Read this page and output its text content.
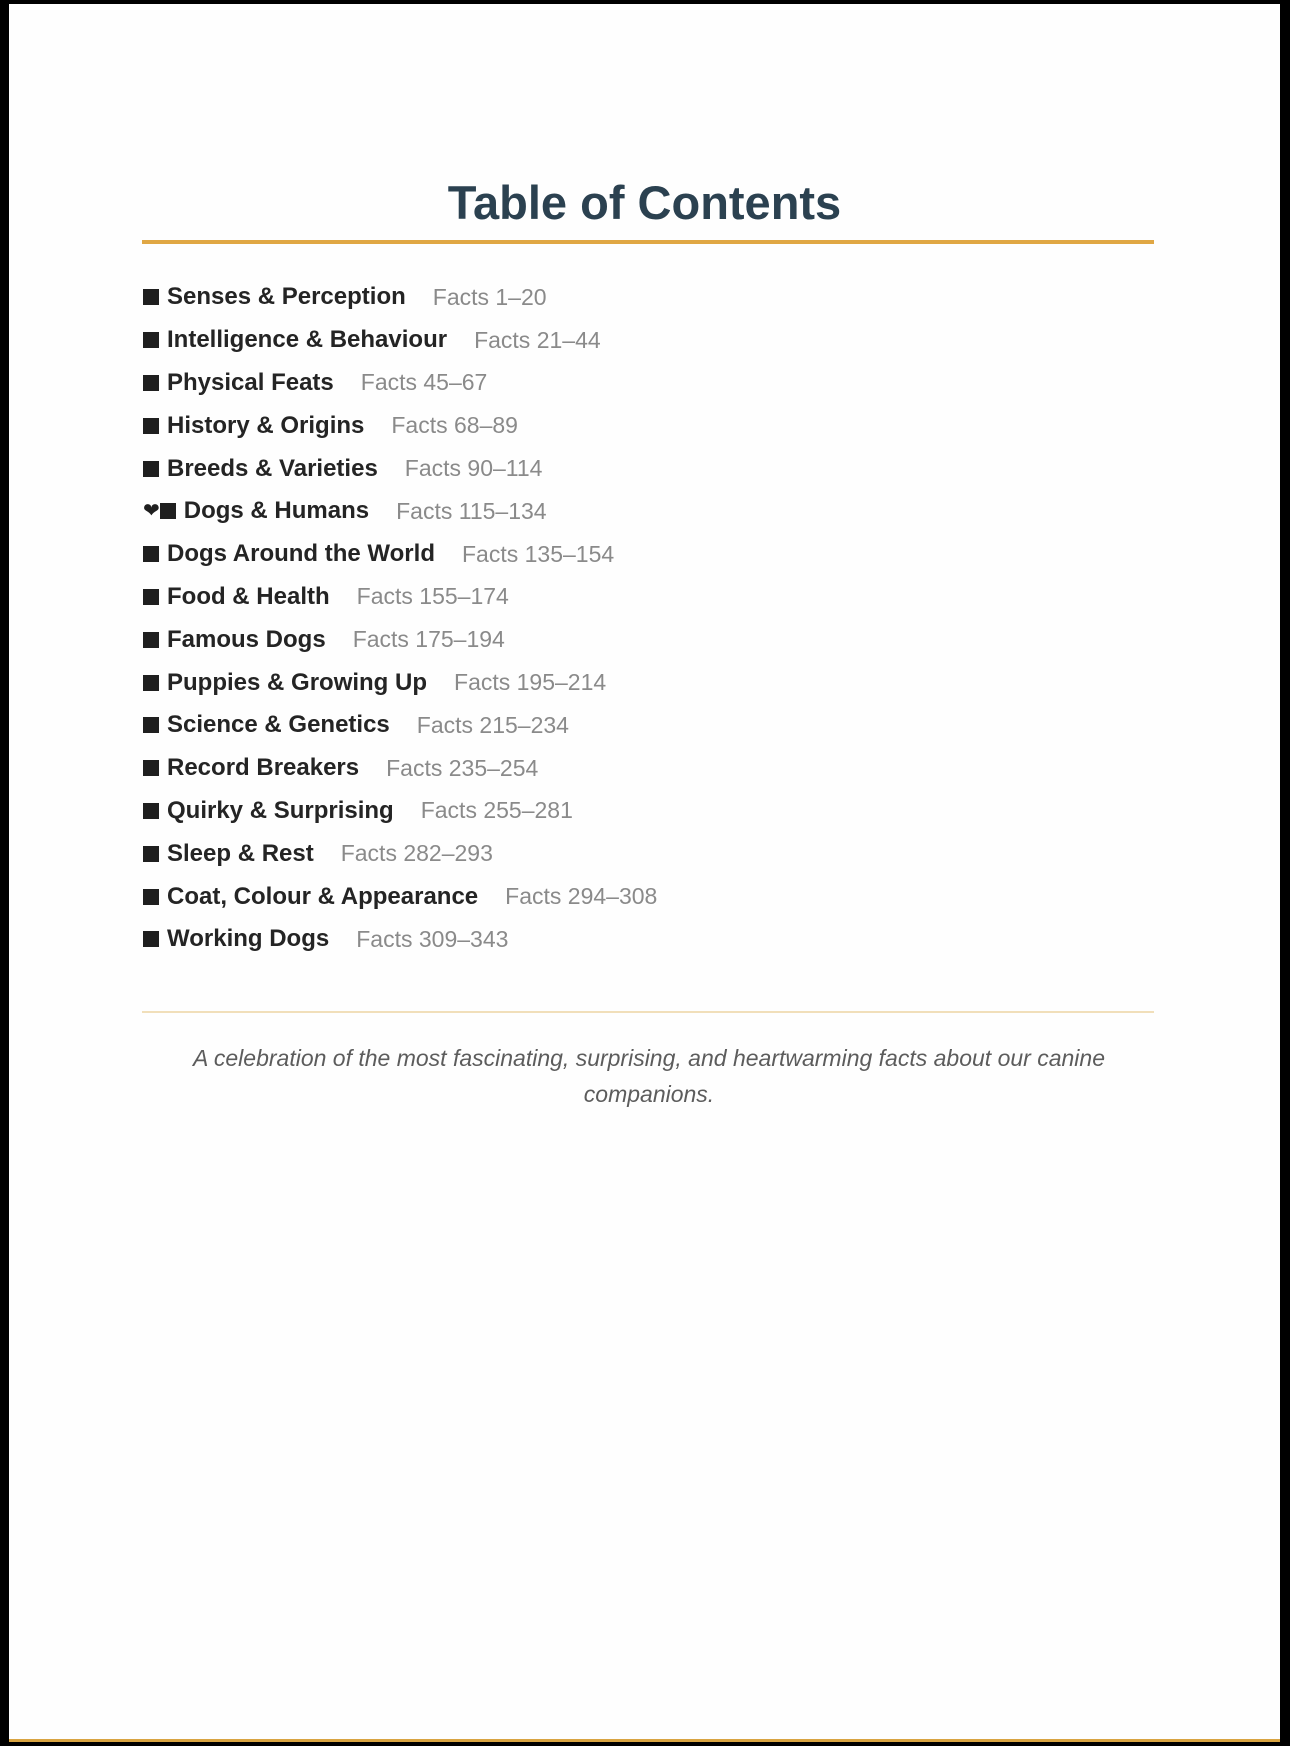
Table of Contents
Senses & Perception Facts 1–20
Intelligence & Behaviour Facts 21–44
Physical Feats Facts 45–67
History & Origins Facts 68–89
Breeds & Varieties Facts 90–114
❤ Dogs & Humans Facts 115–134
Dogs Around the World Facts 135–154
Food & Health Facts 155–174
Famous Dogs Facts 175–194
Puppies & Growing Up Facts 195–214
Science & Genetics Facts 215–234
Record Breakers Facts 235–254
Quirky & Surprising Facts 255–281
Sleep & Rest Facts 282–293
Coat, Colour & Appearance Facts 294–308
Working Dogs Facts 309–343

A celebration of the most fascinating, surprising, and heartwarming facts about our canine companions.
